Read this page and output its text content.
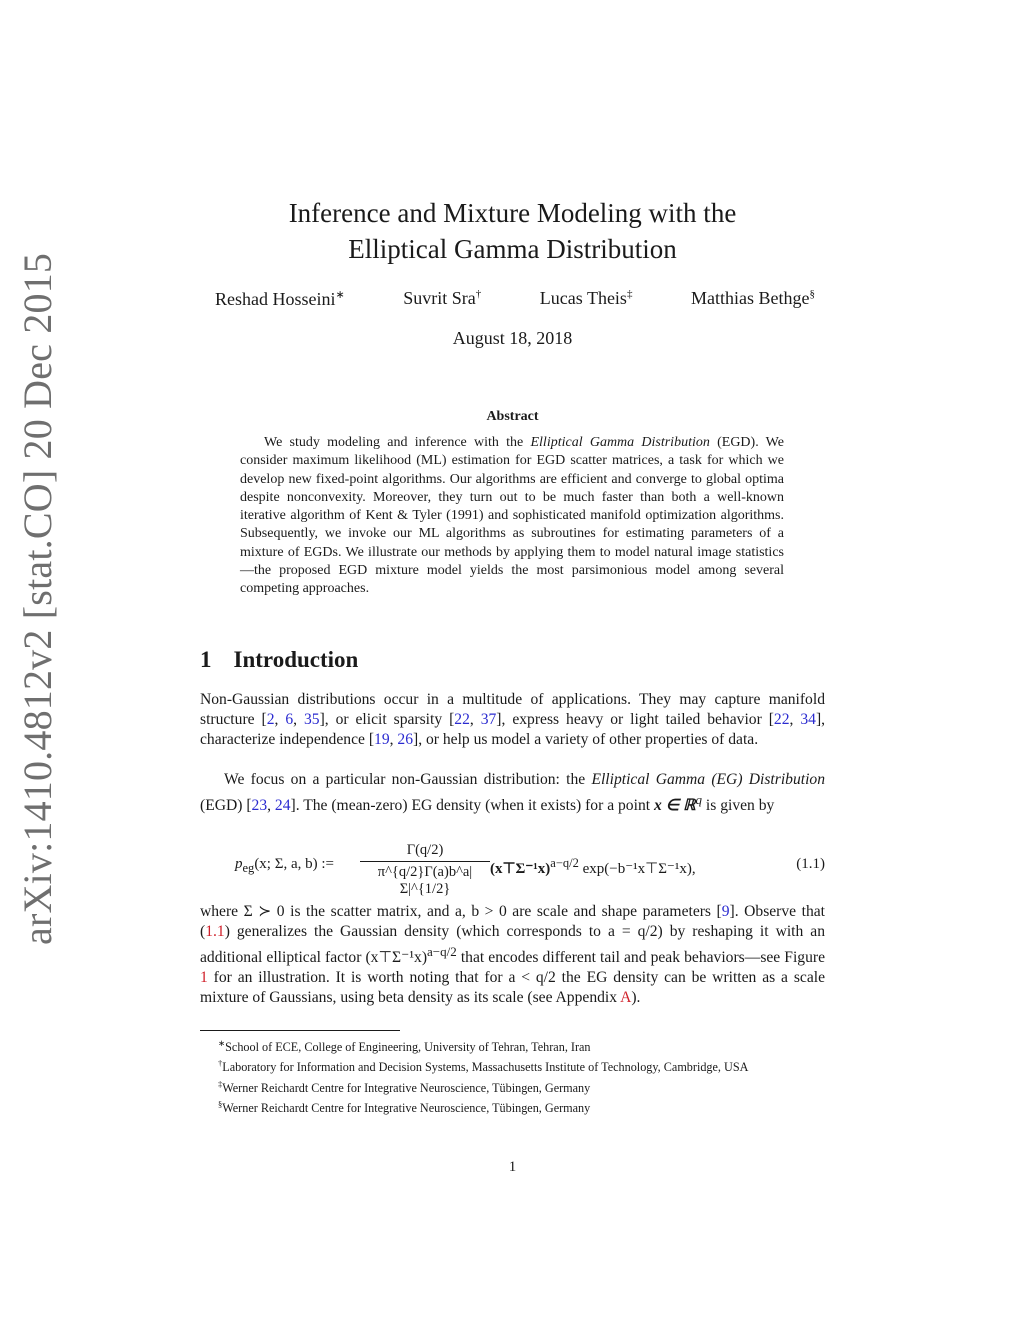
arXiv:1410.4812v2 [stat.CO] 20 Dec 2015
Inference and Mixture Modeling with the
Elliptical Gamma Distribution
Reshad Hosseini∗	Suvrit Sra†	Lucas Theis‡	Matthias Bethge§
August 18, 2018
Abstract
We study modeling and inference with the Elliptical Gamma Distribution (EGD). We consider maximum likelihood (ML) estimation for EGD scatter matrices, a task for which we develop new fixed-point algorithms. Our algorithms are efficient and converge to global optima despite nonconvexity. Moreover, they turn out to be much faster than both a well-known iterative algorithm of Kent & Tyler (1991) and sophisticated manifold optimization algorithms. Subsequently, we invoke our ML algorithms as subroutines for estimating parameters of a mixture of EGDs. We illustrate our methods by applying them to model natural image statistics—the proposed EGD mixture model yields the most parsimonious model among several competing approaches.
1 Introduction
Non-Gaussian distributions occur in a multitude of applications. They may capture manifold structure [2, 6, 35], or elicit sparsity [22, 37], express heavy or light tailed behavior [22, 34], characterize independence [19, 26], or help us model a variety of other properties of data.
We focus on a particular non-Gaussian distribution: the Elliptical Gamma (EG) Distribution (EGD) [23, 24]. The (mean-zero) EG density (when it exists) for a point x ∈ ℝ$^q$ is given by
$p_{eg}(x$; Σ, a, b) := $\frac{\Gamma(q/2)}{\pi\^{}\{q/2\}\Gamma(a)b\^{}a|\Sigma|\^{}\{1/2\}}$ (x⊤Σ⁻¹x)$^{a-q/2}$ exp(−b⁻¹x⊤Σ⁻¹x),	(1.1)
where Σ ≻ 0 is the scatter matrix, and a, b > 0 are scale and shape parameters [9]. Observe that (1.1) generalizes the Gaussian density (which corresponds to a = q/2) by reshaping it with an additional elliptical factor (x⊤Σ⁻¹x)$^{a-q/2}$ that encodes different tail and peak behaviors—see Figure 1 for an illustration. It is worth noting that for a < q/2 the EG density can be written as a scale mixture of Gaussians, using beta density as its scale (see Appendix A).
∗School of ECE, College of Engineering, University of Tehran, Tehran, Iran
†Laboratory for Information and Decision Systems, Massachusetts Institute of Technology, Cambridge, USA
‡Werner Reichardt Centre for Integrative Neuroscience, Tübingen, Germany
§Werner Reichardt Centre for Integrative Neuroscience, Tübingen, Germany
1
